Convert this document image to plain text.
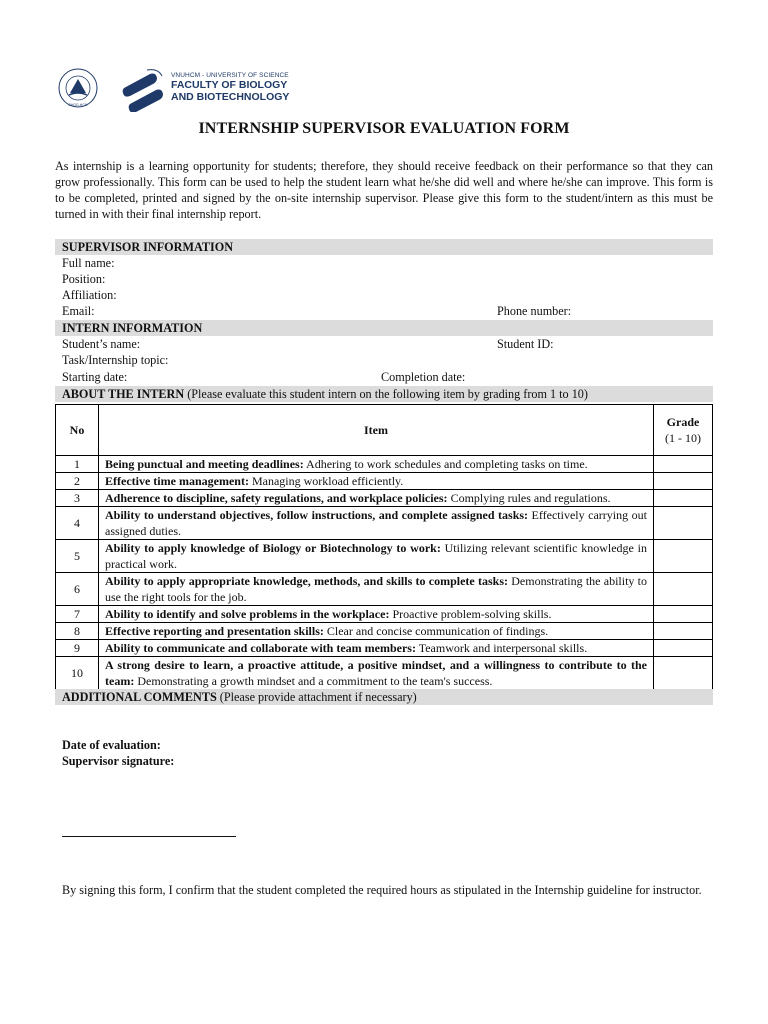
ĐHQG-HCM
VNUHCM - UNIVERSITY OF SCIENCE
FACULTY OF BIOLOGY
AND BIOTECHNOLOGY
INTERNSHIP SUPERVISOR EVALUATION FORM
As internship is a learning opportunity for students; therefore, they should receive feedback on their performance so that they can grow professionally. This form can be used to help the student learn what he/she did well and where he/she can improve. This form is to be completed, printed and signed by the on-site internship supervisor. Please give this form to the student/intern as this must be turned in with their final internship report.
SUPERVISOR INFORMATION
Full name:
Position:
Affiliation:
Email:	Phone number:
INTERN INFORMATION
Student’s name:	Student ID:
Task/Internship topic:
Starting date:	Completion date:
ABOUT THE INTERN (Please evaluate this student intern on the following item by grading from 1 to 10)
No	Item	Grade
(1 - 10)

1	Being punctual and meeting deadlines: Adhering to work schedules and completing tasks on time.	
2	Effective time management: Managing workload efficiently.	
3	Adherence to discipline, safety regulations, and workplace policies: Complying rules and regulations.	
4	Ability to understand objectives, follow instructions, and complete assigned tasks: Effectively carrying out assigned duties.	
5	Ability to apply knowledge of Biology or Biotechnology to work: Utilizing relevant scientific knowledge in practical work.	
6	Ability to apply appropriate knowledge, methods, and skills to complete tasks: Demonstrating the ability to use the right tools for the job.	
7	Ability to identify and solve problems in the workplace: Proactive problem-solving skills.	
8	Effective reporting and presentation skills: Clear and concise communication of findings.	
9	Ability to communicate and collaborate with team members: Teamwork and interpersonal skills.	
10	A strong desire to learn, a proactive attitude, a positive mindset, and a willingness to contribute to the team: Demonstrating a growth mindset and a commitment to the team's success.	
ADDITIONAL COMMENTS (Please provide attachment if necessary)
Date of evaluation:
Supervisor signature:
By signing this form, I confirm that the student completed the required hours as stipulated in the Internship guideline for instructor.
